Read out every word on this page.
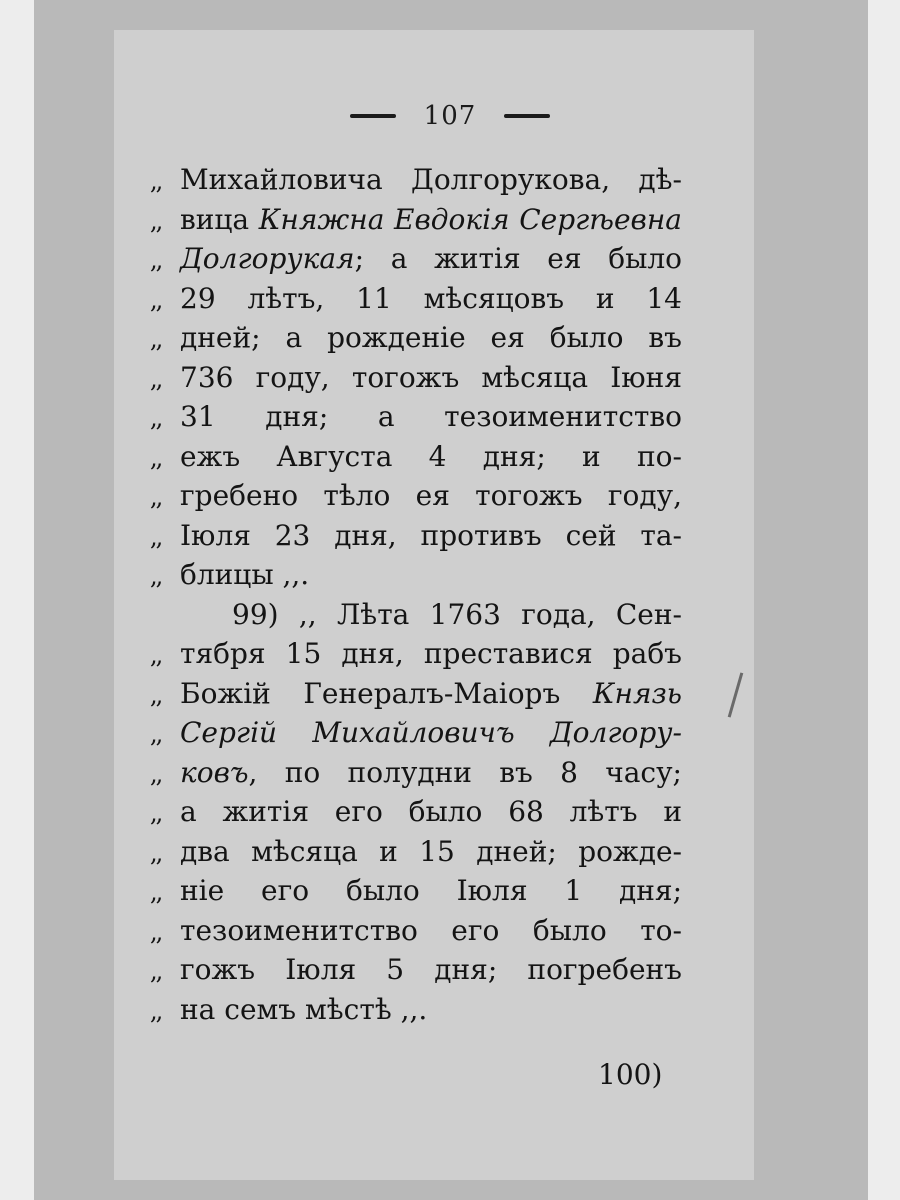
107
,, Михайловича Долгорукова, дѣ-
,, вица Княжна Евдокія Сергѣевна
,, Долгорукая; а житія ея было
,, 29 лѣтъ, 11 мѣсяцовъ и 14
,, дней; а рожденіе ея было въ
,, 736 году, тогожъ мѣсяца Іюня
,, 31 дня; а тезоименитство
,, ежъ Августа 4 дня; и по-
,, гребено тѣло ея тогожъ году,
,, Іюля 23 дня, противъ сей та-
,, блицы ,,.
99) ,, Лѣта 1763 года, Сен-
,, тября 15 дня, преставися рабъ
,, Божій Генералъ-Маіоръ Князь
,, Сергій Михайловичъ Долгору-
,, ковъ, по полудни въ 8 часу;
,, а житія его было 68 лѣтъ и
,, два мѣсяца и 15 дней; рожде-
,, ніе его было Іюля 1 дня;
,, тезоименитство его было то-
,, гожъ Іюля 5 дня; погребенъ
,, на семъ мѣстѣ ,,.
100)
